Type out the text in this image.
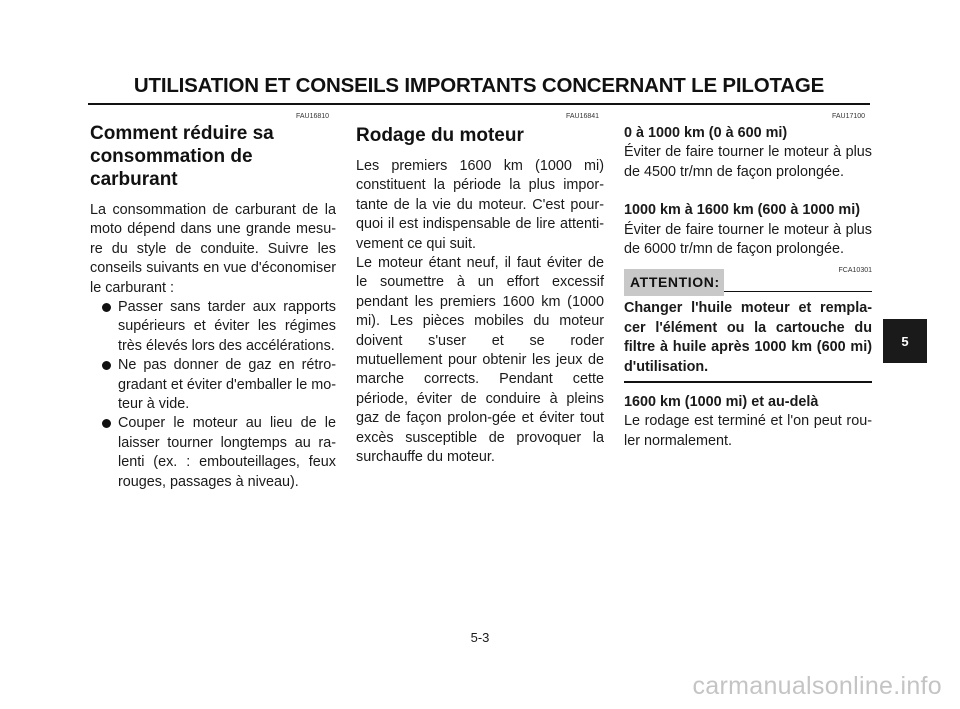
UTILISATION ET CONSEILS IMPORTANTS CONCERNANT LE PILOTAGE
FAU16810
Comment réduire sa consommation de carburant

La consommation de carburant de la moto dépend dans une grande mesu-re du style de conduite. Suivre les conseils suivants en vue d'économiser le carburant :

Passer sans tarder aux rapports supérieurs et éviter les régimes très élevés lors des accélérations.
Ne pas donner de gaz en rétro-gradant et éviter d'emballer le mo-teur à vide.
Couper le moteur au lieu de le laisser tourner longtemps au ra-lenti (ex. : embouteillages, feux rouges, passages à niveau).
FAU16841
Rodage du moteur

Les premiers 1600 km (1000 mi) constituent la période la plus impor-tante de la vie du moteur. C'est pour-quoi il est indispensable de lire attenti-vement ce qui suit.

Le moteur étant neuf, il faut éviter de le soumettre à un effort excessif pendant les premiers 1600 km (1000 mi). Les pièces mobiles du moteur doivent s'user et se roder mutuellement pour obtenir les jeux de marche corrects. Pendant cette période, éviter de conduire à pleins gaz de façon prolon-gée et éviter tout excès susceptible de provoquer la surchauffe du moteur.

FAU17100

0 à 1000 km (0 à 600 mi)

Éviter de faire tourner le moteur à plus de 4500 tr/mn de façon prolongée.

1000 km à 1600 km (600 à 1000 mi)

Éviter de faire tourner le moteur à plus de 6000 tr/mn de façon prolongée.

ATTENTION:
FCA10301

Changer l'huile moteur et rempla-cer l'élément ou la cartouche du filtre à huile après 1000 km (600 mi) d'utilisation.

1600 km (1000 mi) et au-delà

Le rodage est terminé et l'on peut rou-ler normalement.

5
5-3
carmanualsonline.info
